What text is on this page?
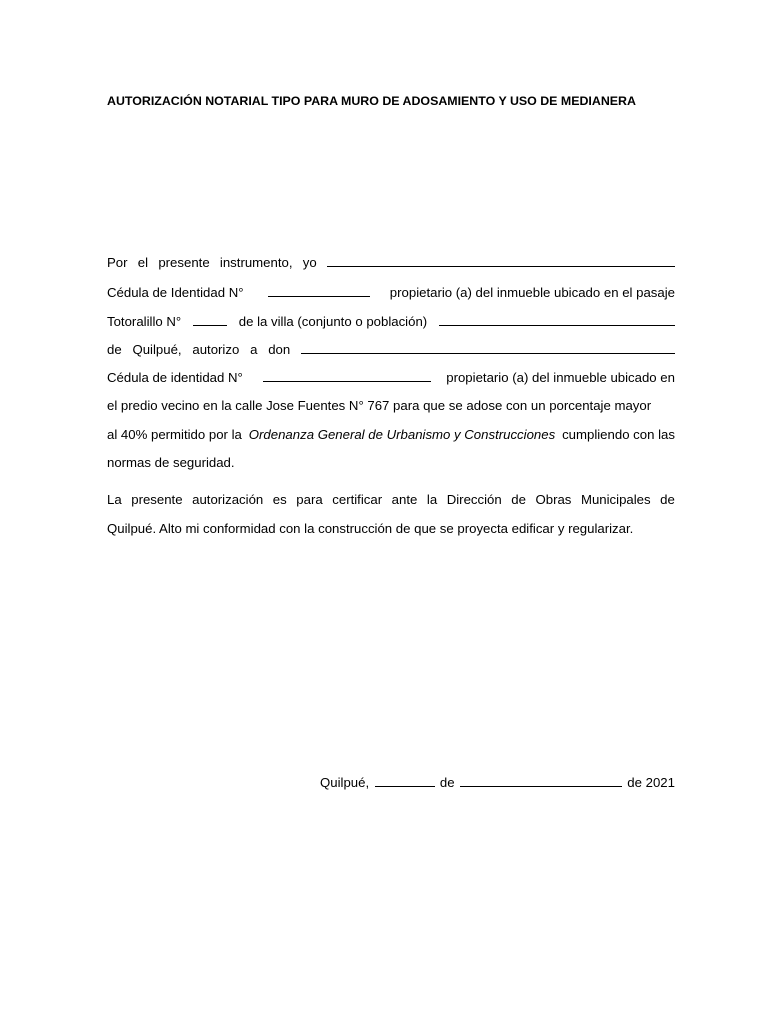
AUTORIZACIÓN NOTARIAL TIPO PARA MURO DE ADOSAMIENTO Y USO DE MEDIANERA
Por el presente instrumento, yo
Cédula de Identidad N°	propietario (a) del inmueble ubicado en el pasaje
Totoralillo N°	de la villa (conjunto o población)
de Quilpué, autorizo a don
Cédula de identidad N°	propietario (a) del inmueble ubicado en
el predio vecino en la calle Jose Fuentes N° 767 para que se adose con un porcentaje mayor
al 40% permitido por la Ordenanza General de Urbanismo y Construcciones cumpliendo con las
normas de seguridad.
La presente autorización es para certificar ante la Dirección de Obras Municipales de
Quilpué. Alto mi conformidad con la construcción de que se proyecta edificar y regularizar.
Quilpué,	de	de 2021
